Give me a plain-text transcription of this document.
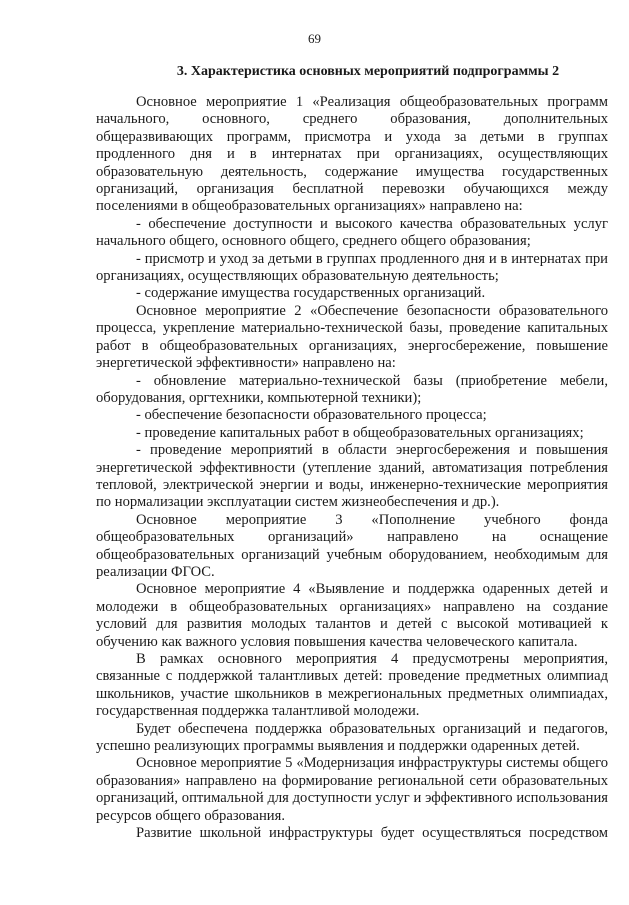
69
3. Характеристика основных мероприятий подпрограммы 2

Основное мероприятие 1 «Реализация общеобразовательных программ начального, основного, среднего образования, дополнительных общеразвивающих программ, присмотра и ухода за детьми в группах продленного дня и в интернатах при организациях, осуществляющих образовательную деятельность, содержание имущества государственных организаций, организация бесплатной перевозки обучающихся между поселениями в общеобразовательных организациях» направлено на:

- обеспечение доступности и высокого качества образовательных услуг начального общего, основного общего, среднего общего образования;

- присмотр и уход за детьми в группах продленного дня и в интернатах при организациях, осуществляющих образовательную деятельность;

- содержание имущества государственных организаций.

Основное мероприятие 2 «Обеспечение безопасности образовательного процесса, укрепление материально-технической базы, проведение капитальных работ в общеобразовательных организациях, энергосбережение, повышение энергетической эффективности» направлено на:

- обновление материально-технической базы (приобретение мебели, оборудования, оргтехники, компьютерной техники);

- обеспечение безопасности образовательного процесса;

- проведение капитальных работ в общеобразовательных организациях;

- проведение мероприятий в области энергосбережения и повышения энергетической эффективности (утепление зданий, автоматизация потребления тепловой, электрической энергии и воды, инженерно-технические мероприятия по нормализации эксплуатации систем жизнеобеспечения и др.).

Основное мероприятие 3 «Пополнение учебного фонда общеобразовательных организаций» направлено на оснащение общеобразовательных организаций учебным оборудованием, необходимым для реализации ФГОС.

Основное мероприятие 4 «Выявление и поддержка одаренных детей и молодежи в общеобразовательных организациях» направлено на создание условий для развития молодых талантов и детей с высокой мотивацией к обучению как важного условия повышения качества человеческого капитала.

В рамках основного мероприятия 4 предусмотрены мероприятия, связанные с поддержкой талантливых детей: проведение предметных олимпиад школьников, участие школьников в межрегиональных предметных олимпиадах, государственная поддержка талантливой молодежи.

Будет обеспечена поддержка образовательных организаций и педагогов, успешно реализующих программы выявления и поддержки одаренных детей.

Основное мероприятие 5 «Модернизация инфраструктуры системы общего образования» направлено на формирование региональной сети образовательных организаций, оптимальной для доступности услуг и эффективного использования ресурсов общего образования.

Развитие школьной инфраструктуры будет осуществляться посредством
